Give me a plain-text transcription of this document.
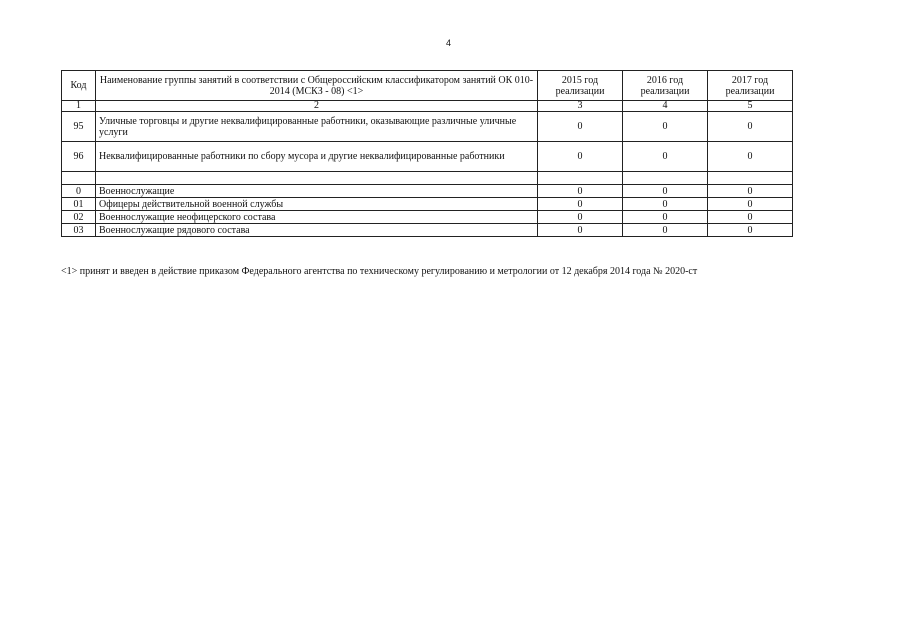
4
Код	Наименование группы занятий в соответствии с Общероссийским классификатором занятий ОК 010-2014 (МСКЗ - 08) <1>	2015 год реализации	2016 год реализации	2017 год реализации
1	2	3	4	5
95	Уличные торговцы и другие неквалифицированные работники, оказывающие различные уличные услуги	0	0	0
96	Неквалифицированные работники по сбору мусора и другие неквалифицированные работники	0	0	0

0	Военнослужащие	0	0	0
01	Офицеры действительной военной службы	0	0	0
02	Военнослужащие неофицерского состава	0	0	0
03	Военнослужащие рядового состава	0	0	0
<1> принят и введен в действие приказом Федерального агентства по техническому регулированию и метрологии от 12 декабря 2014 года № 2020-ст
